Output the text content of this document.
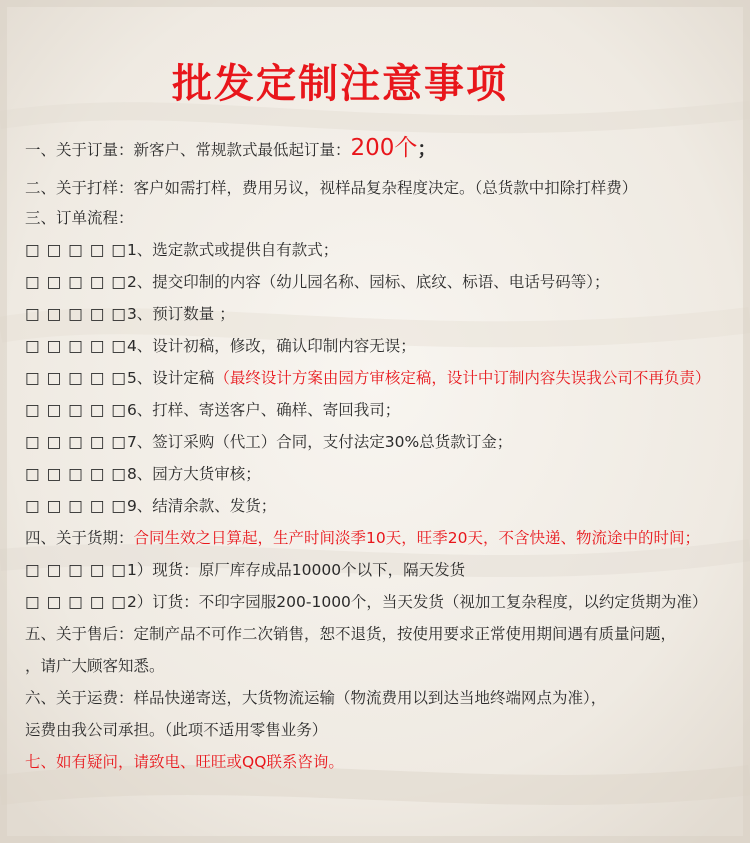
批发定制注意事项
一、关于订量：新客户、常规款式最低起订量：200个；
二、关于打样：客户如需打样，费用另议，视样品复杂程度决定。（总货款中扣除打样费）
三、订单流程：
□ □ □ □ □1、选定款式或提供自有款式；
□ □ □ □ □2、提交印制的内容（幼儿园名称、园标、底纹、标语、电话号码等）；
□ □ □ □ □3、预订数量 ；
□ □ □ □ □4、设计初稿，修改，确认印制内容无误；
□ □ □ □ □5、设计定稿（最终设计方案由园方审核定稿，设计中订制内容失误我公司不再负责）
□ □ □ □ □6、打样、寄送客户、确样、寄回我司；
□ □ □ □ □7、签订采购（代工）合同，支付法定30%总货款订金；
□ □ □ □ □8、园方大货审核；
□ □ □ □ □9、结清余款、发货；
四、关于货期：合同生效之日算起，生产时间淡季10天，旺季20天，不含快递、物流途中的时间；
□ □ □ □ □1）现货：原厂库存成品10000个以下，隔天发货
□ □ □ □ □2）订货：不印字园服200-1000个，当天发货（视加工复杂程度，以约定货期为准）
五、关于售后：定制产品不可作二次销售，恕不退货，按使用要求正常使用期间遇有质量问题，
，请广大顾客知悉。
六、关于运费：样品快递寄送，大货物流运输（物流费用以到达当地终端网点为准），
运费由我公司承担。（此项不适用零售业务）
七、如有疑问，请致电、旺旺或QQ联系咨询。
